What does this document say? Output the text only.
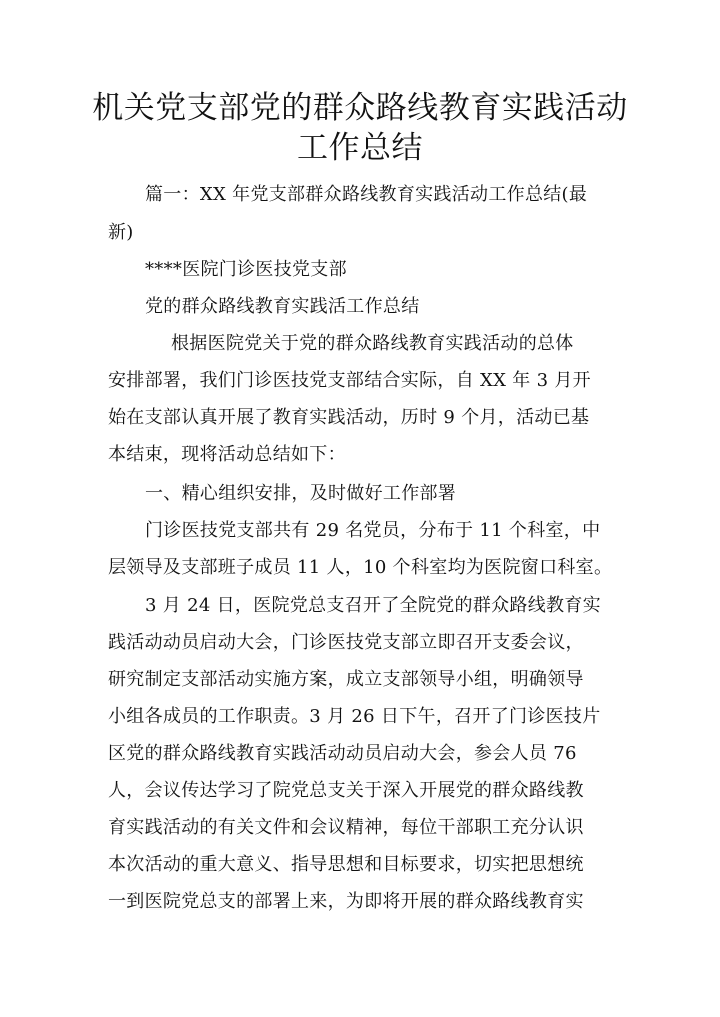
机关党支部党的群众路线教育实践活动
工作总结
篇一：XX 年党支部群众路线教育实践活动工作总结(最
新)
****医院门诊医技党支部
党的群众路线教育实践活工作总结
根据医院党关于党的群众路线教育实践活动的总体
安排部署，我们门诊医技党支部结合实际，自 XX 年 3 月开
始在支部认真开展了教育实践活动，历时 9 个月，活动已基
本结束，现将活动总结如下：
一、精心组织安排，及时做好工作部署
门诊医技党支部共有 29 名党员，分布于 11 个科室，中
层领导及支部班子成员 11 人，10 个科室均为医院窗口科室。
3 月 24 日，医院党总支召开了全院党的群众路线教育实
践活动动员启动大会，门诊医技党支部立即召开支委会议，
研究制定支部活动实施方案，成立支部领导小组，明确领导
小组各成员的工作职责。3 月 26 日下午，召开了门诊医技片
区党的群众路线教育实践活动动员启动大会，参会人员 76
人，会议传达学习了院党总支关于深入开展党的群众路线教
育实践活动的有关文件和会议精神，每位干部职工充分认识
本次活动的重大意义、指导思想和目标要求，切实把思想统
一到医院党总支的部署上来，为即将开展的群众路线教育实
